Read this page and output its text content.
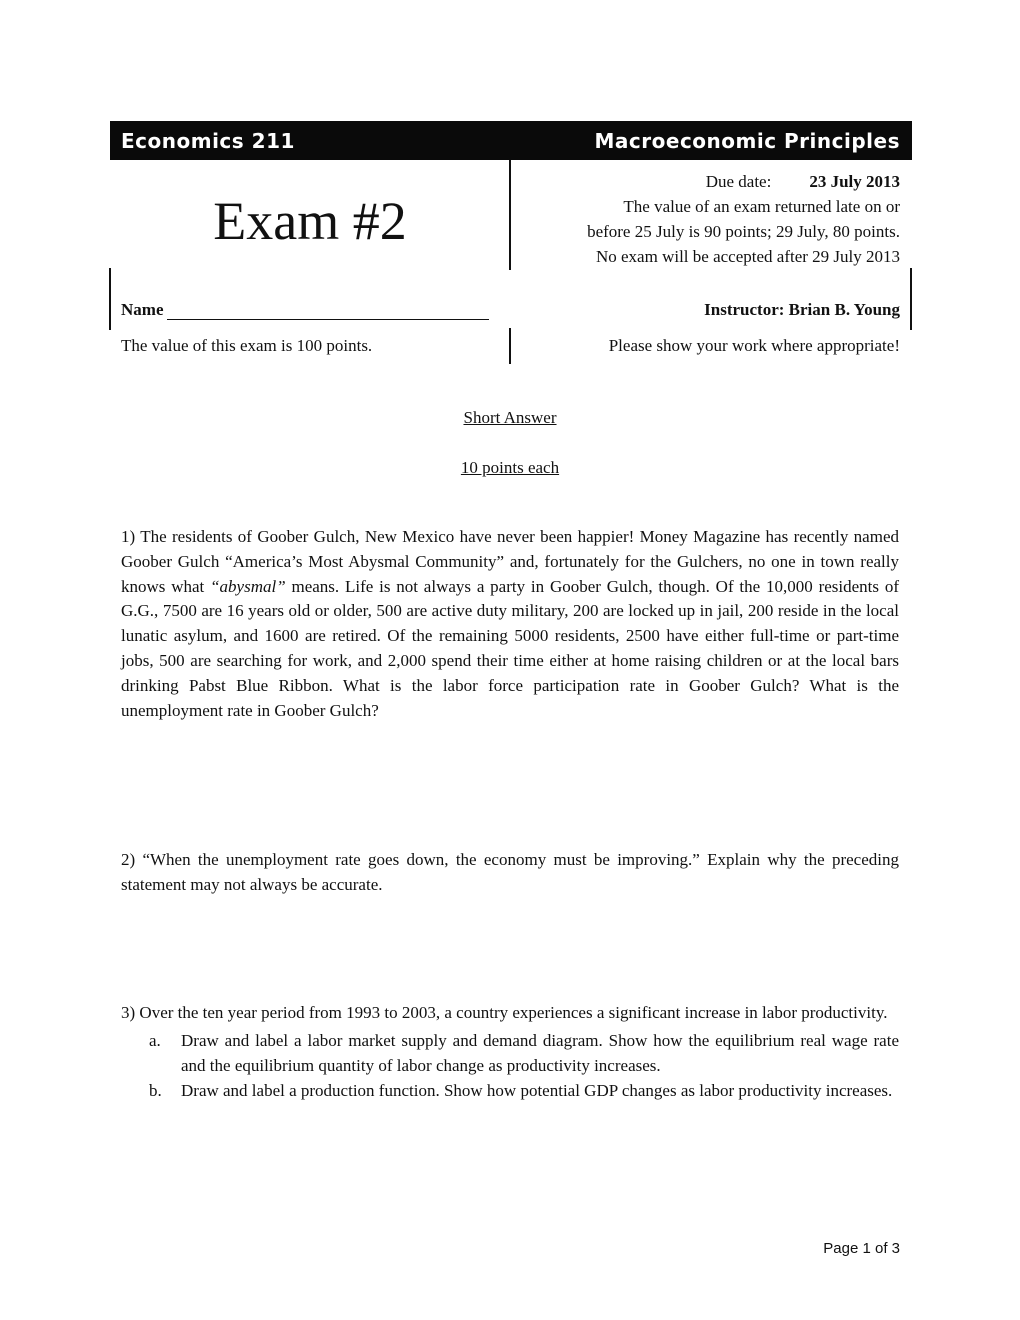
Economics 211	Macroeconomic Principles
Exam #2
Due date: 23 July 2013
The value of an exam returned late on or
before 25 July is 90 points; 29 July, 80 points.
No exam will be accepted after 29 July 2013
Name	Instructor: Brian B. Young
The value of this exam is 100 points.	Please show your work where appropriate!
Short Answer
10 points each
1) The residents of Goober Gulch, New Mexico have never been happier! Money Magazine has recently named Goober Gulch “America’s Most Abysmal Community” and, fortunately for the Gulchers, no one in town really knows what “abysmal” means. Life is not always a party in Goober Gulch, though. Of the 10,000 residents of G.G., 7500 are 16 years old or older, 500 are active duty military, 200 are locked up in jail, 200 reside in the local lunatic asylum, and 1600 are retired. Of the remaining 5000 residents, 2500 have either full-time or part-time jobs, 500 are searching for work, and 2,000 spend their time either at home raising children or at the local bars drinking Pabst Blue Ribbon. What is the labor force participation rate in Goober Gulch? What is the unemployment rate in Goober Gulch?
2) “When the unemployment rate goes down, the economy must be improving.” Explain why the preceding statement may not always be accurate.
3) Over the ten year period from 1993 to 2003, a country experiences a significant increase in labor productivity.
a.	Draw and label a labor market supply and demand diagram. Show how the equilibrium real wage rate and the equilibrium quantity of labor change as productivity increases.
b.	Draw and label a production function. Show how potential GDP changes as labor productivity increases.
Page 1 of 3
